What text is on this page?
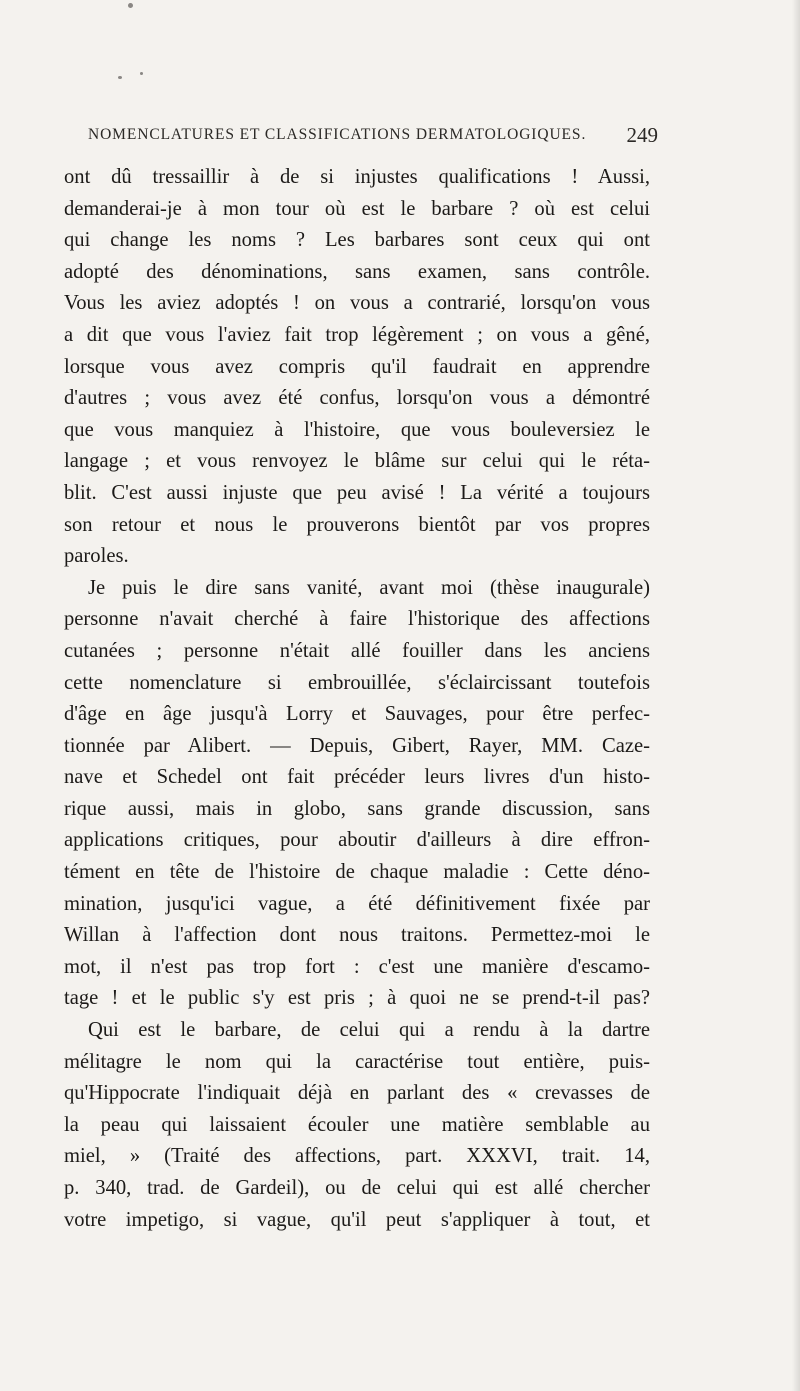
NOMENCLATURES ET CLASSIFICATIONS DERMATOLOGIQUES. 249
ont dû tressaillir à de si injustes qualifications ! Aussi,
demanderai-je à mon tour où est le barbare ? où est celui
qui change les noms ? Les barbares sont ceux qui ont
adopté des dénominations, sans examen, sans contrôle.
Vous les aviez adoptés ! on vous a contrarié, lorsqu'on vous
a dit que vous l'aviez fait trop légèrement ; on vous a gêné,
lorsque vous avez compris qu'il faudrait en apprendre
d'autres ; vous avez été confus, lorsqu'on vous a démontré
que vous manquiez à l'histoire, que vous bouleversiez le
langage ; et vous renvoyez le blâme sur celui qui le réta-
blit. C'est aussi injuste que peu avisé ! La vérité a toujours
son retour et nous le prouverons bientôt par vos propres
paroles.
Je puis le dire sans vanité, avant moi (thèse inaugurale)
personne n'avait cherché à faire l'historique des affections
cutanées ; personne n'était allé fouiller dans les anciens
cette nomenclature si embrouillée, s'éclaircissant toutefois
d'âge en âge jusqu'à Lorry et Sauvages, pour être perfec-
tionnée par Alibert. — Depuis, Gibert, Rayer, MM. Caze-
nave et Schedel ont fait précéder leurs livres d'un histo-
rique aussi, mais in globo, sans grande discussion, sans
applications critiques, pour aboutir d'ailleurs à dire effron-
tément en tête de l'histoire de chaque maladie : Cette déno-
mination, jusqu'ici vague, a été définitivement fixée par
Willan à l'affection dont nous traitons. Permettez-moi le
mot, il n'est pas trop fort : c'est une manière d'escamo-
tage ! et le public s'y est pris ; à quoi ne se prend-t-il pas?
Qui est le barbare, de celui qui a rendu à la dartre
mélitagre le nom qui la caractérise tout entière, puis-
qu'Hippocrate l'indiquait déjà en parlant des « crevasses de
la peau qui laissaient écouler une matière semblable au
miel, » (Traité des affections, part. XXXVI, trait. 14,
p. 340, trad. de Gardeil), ou de celui qui est allé chercher
votre impetigo, si vague, qu'il peut s'appliquer à tout, et
